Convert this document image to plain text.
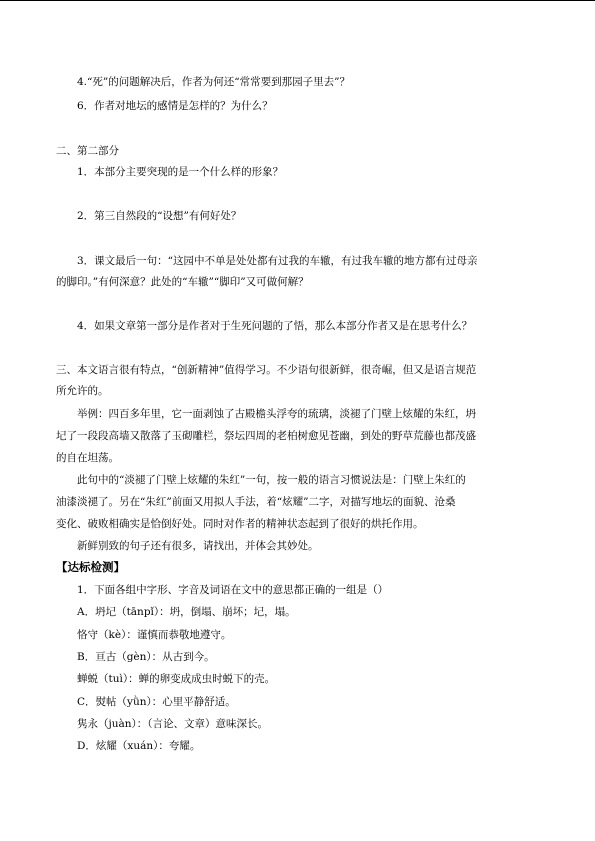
4.“死”的问题解决后，作者为何还“常常要到那园子里去”？
6．作者对地坛的感情是怎样的？为什么？
二、第二部分
1．本部分主要突现的是一个什么样的形象？
2．第三自然段的“设想”有何好处？
3．课文最后一句：“这园中不单是处处都有过我的车辙，有过我车辙的地方都有过母亲
的脚印。”有何深意？此处的“车辙”“脚印”又可做何解？
4．如果文章第一部分是作者对于生死问题的了悟，那么本部分作者又是在思考什么？
三、本文语言很有特点，“创新精神”值得学习。不少语句很新鲜，很奇崛，但又是语言规范
所允许的。
举例：四百多年里，它一面剥蚀了古殿檐头浮夸的琉璃，淡褪了门壁上炫耀的朱红，坍
圮了一段段高墙又散落了玉砌雕栏，祭坛四周的老柏树愈见苍幽，到处的野草荒藤也都茂盛
的自在坦荡。
此句中的“淡褪了门壁上炫耀的朱红”一句，按一般的语言习惯说法是：门壁上朱红的
油漆淡褪了。另在“朱红”前面又用拟人手法，着“炫耀”二字，对描写地坛的面貌、沧桑
变化、破败相确实是恰倒好处。同时对作者的精神状态起到了很好的烘托作用。
新鲜别致的句子还有很多，请找出，并体会其妙处。
【达标检测】
1．下面各组中字形、字音及词语在文中的意思都正确的一组是（）
A．坍圮（tānpǐ）：坍，倒塌、崩坏；圮，塌。
恪守（kè）：谨慎而恭敬地遵守。
B．亘古（gèn）：从古到今。
蝉蜕（tuì）：蝉的卵变成成虫时蜕下的壳。
C．熨帖（yǜn）：心里平静舒适。
隽永（juàn）：（言论、文章）意味深长。
D．炫耀（xuán）：夸耀。
